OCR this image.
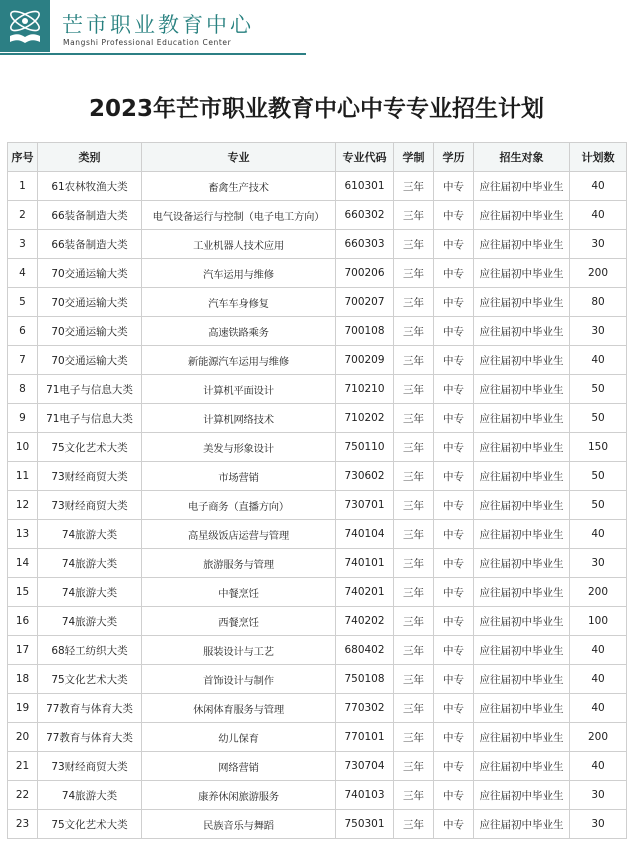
芒市职业教育中心
Mangshi Professional Education Center
2023年芒市职业教育中心中专专业招生计划
序号	类别	专业	专业代码	学制	学历	招生对象	计划数
1	61农林牧渔大类	畜禽生产技术	610301	三年	中专	应往届初中毕业生	40
2	66装备制造大类	电气设备运行与控制（电子电工方向）	660302	三年	中专	应往届初中毕业生	40
3	66装备制造大类	工业机器人技术应用	660303	三年	中专	应往届初中毕业生	30
4	70交通运输大类	汽车运用与维修	700206	三年	中专	应往届初中毕业生	200
5	70交通运输大类	汽车车身修复	700207	三年	中专	应往届初中毕业生	80
6	70交通运输大类	高速铁路乘务	700108	三年	中专	应往届初中毕业生	30
7	70交通运输大类	新能源汽车运用与维修	700209	三年	中专	应往届初中毕业生	40
8	71电子与信息大类	计算机平面设计	710210	三年	中专	应往届初中毕业生	50
9	71电子与信息大类	计算机网络技术	710202	三年	中专	应往届初中毕业生	50
10	75文化艺术大类	美发与形象设计	750110	三年	中专	应往届初中毕业生	150
11	73财经商贸大类	市场营销	730602	三年	中专	应往届初中毕业生	50
12	73财经商贸大类	电子商务（直播方向）	730701	三年	中专	应往届初中毕业生	50
13	74旅游大类	高星级饭店运营与管理	740104	三年	中专	应往届初中毕业生	40
14	74旅游大类	旅游服务与管理	740101	三年	中专	应往届初中毕业生	30
15	74旅游大类	中餐烹饪	740201	三年	中专	应往届初中毕业生	200
16	74旅游大类	西餐烹饪	740202	三年	中专	应往届初中毕业生	100
17	68轻工纺织大类	服装设计与工艺	680402	三年	中专	应往届初中毕业生	40
18	75文化艺术大类	首饰设计与制作	750108	三年	中专	应往届初中毕业生	40
19	77教育与体育大类	休闲体育服务与管理	770302	三年	中专	应往届初中毕业生	40
20	77教育与体育大类	幼儿保育	770101	三年	中专	应往届初中毕业生	200
21	73财经商贸大类	网络营销	730704	三年	中专	应往届初中毕业生	40
22	74旅游大类	康养休闲旅游服务	740103	三年	中专	应往届初中毕业生	30
23	75文化艺术大类	民族音乐与舞蹈	750301	三年	中专	应往届初中毕业生	30
